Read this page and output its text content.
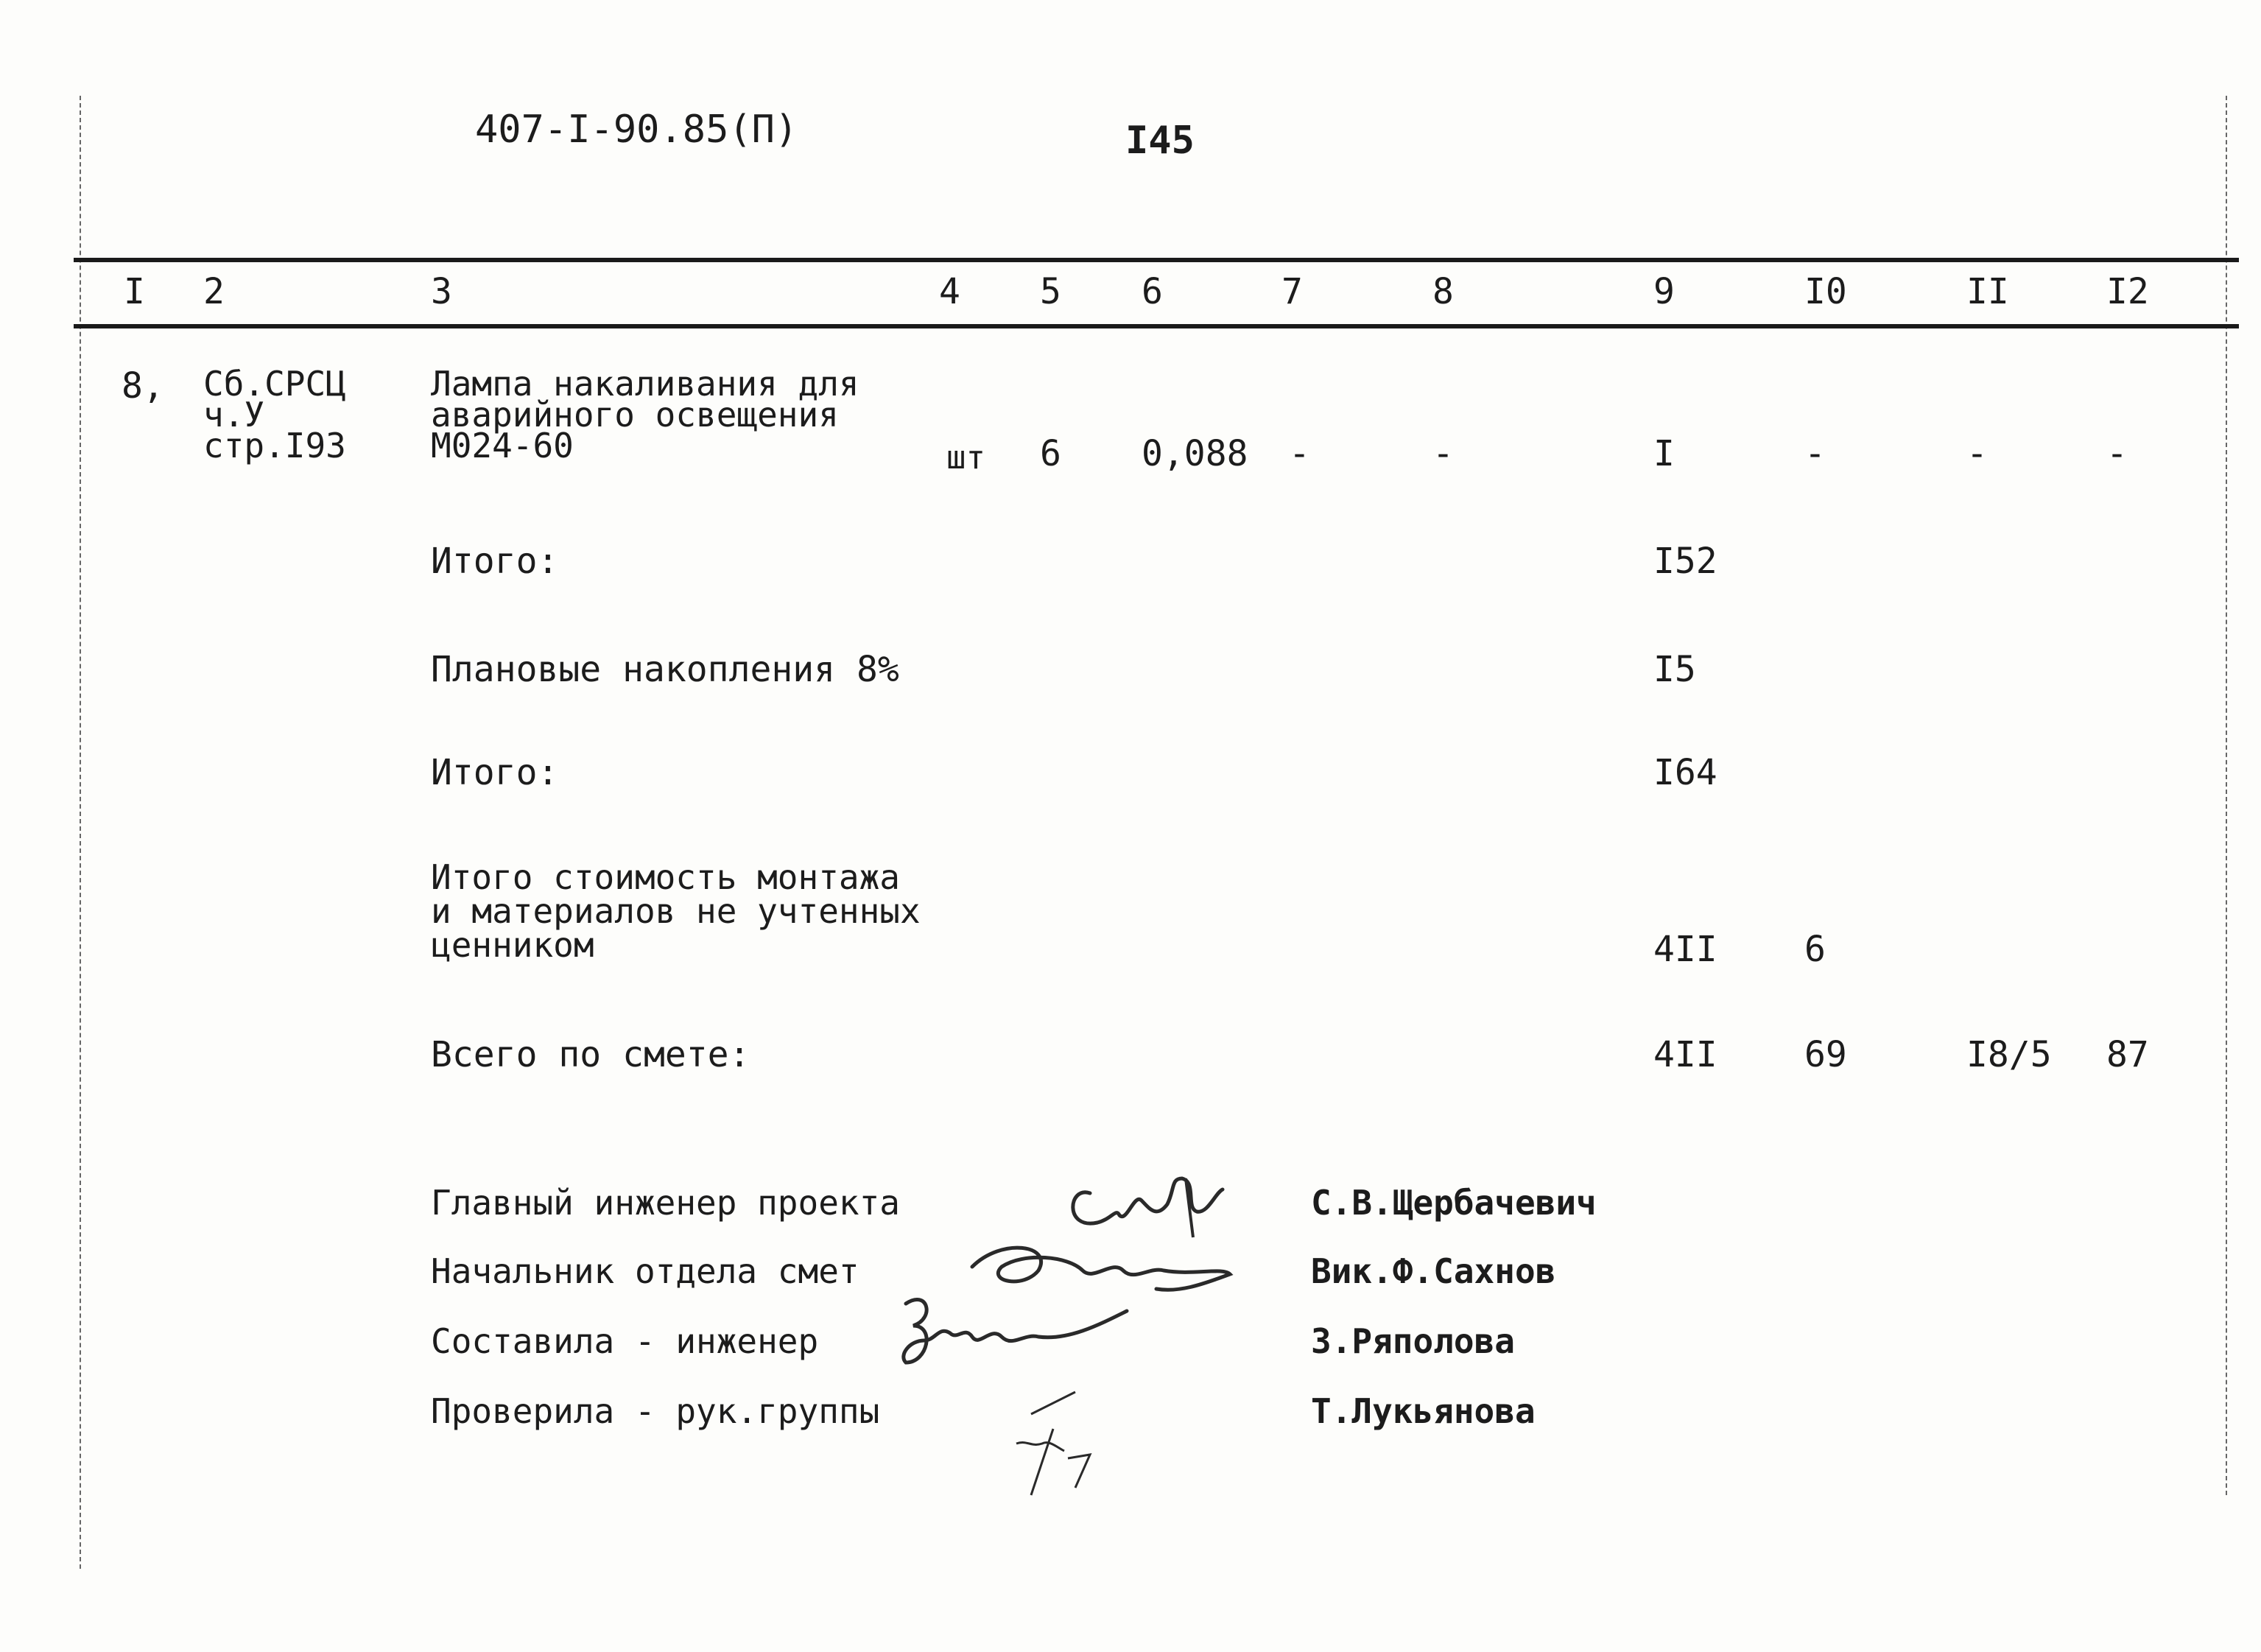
407-I-90.85(П)	I45
I 2	3	4 5 6	7	8	9	I0	II	I2
8, Сб.СРСЦ
ч.У
стр.I93
Лампа накаливания для
аварийного освещения
М024-60	шт 6 0,088 -	-	I	-	-	-
Итого:	I52
Плановые накопления 8%	I5
Итого:	I64
Итого стоимость монтажа
и материалов не учтенных
ценником	4II 6
Всего по смете:	4II 69	I8/5 87
Главный инженер проекта	С.В.Щербачевич
Начальник отдела смет	Вик.Ф.Сахнов
Составила - инженер	З.Ряполова
Проверила - рук.группы	Т.Лукьянова
